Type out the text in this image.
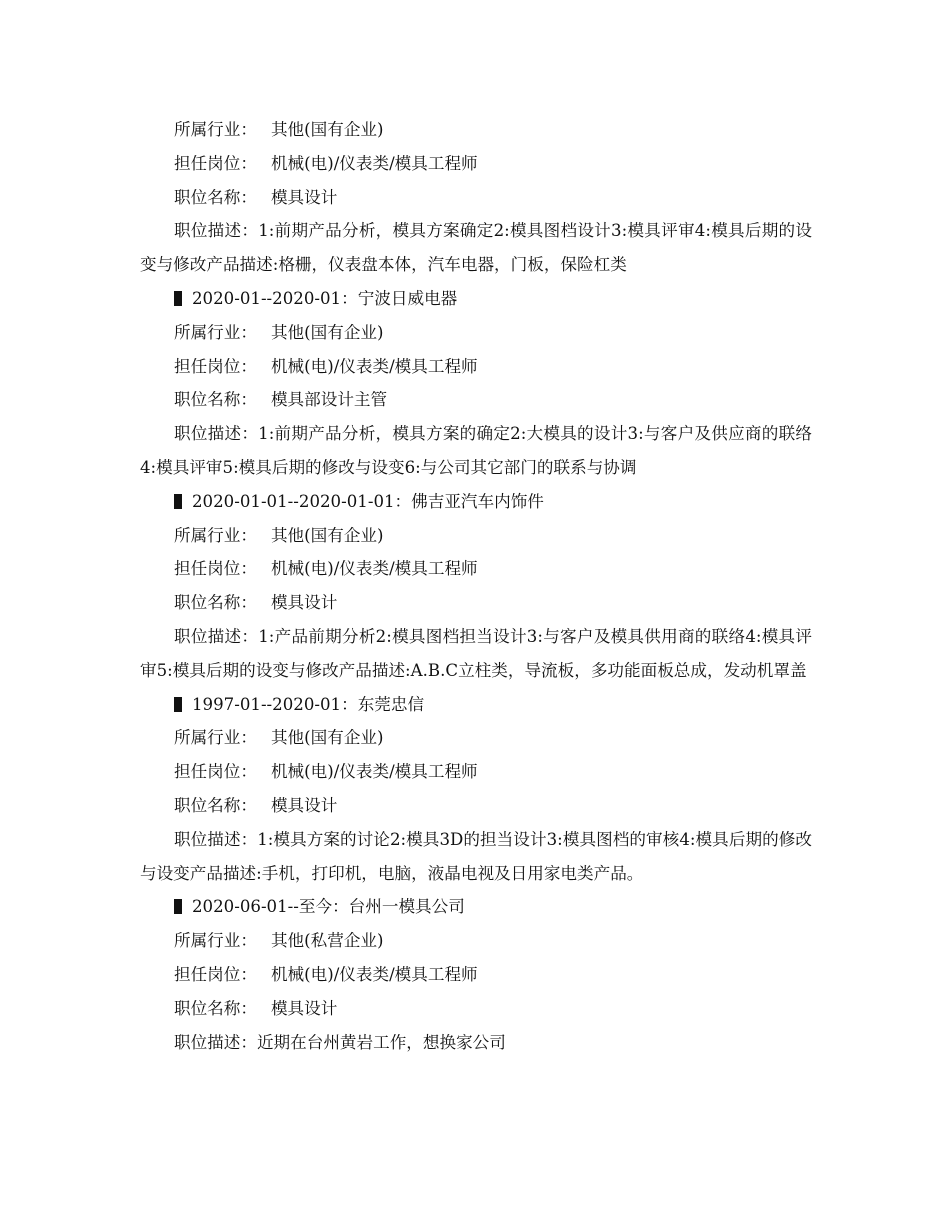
所属行业： 其他(国有企业)

担任岗位： 机械(电)/仪表类/模具工程师

职位名称： 模具设计

职位描述：1:前期产品分析，模具方案确定2:模具图档设计3:模具评审4:模具后期的设变与修改产品描述:格栅，仪表盘本体，汽车电器，门板，保险杠类

2020-01--2020-01：宁波日威电器

所属行业： 其他(国有企业)

担任岗位： 机械(电)/仪表类/模具工程师

职位名称： 模具部设计主管

职位描述：1:前期产品分析，模具方案的确定2:大模具的设计3:与客户及供应商的联络4:模具评审5:模具后期的修改与设变6:与公司其它部门的联系与协调

2020-01-01--2020-01-01：佛吉亚汽车内饰件

所属行业： 其他(国有企业)

担任岗位： 机械(电)/仪表类/模具工程师

职位名称： 模具设计

职位描述：1:产品前期分析2:模具图档担当设计3:与客户及模具供用商的联络4:模具评审5:模具后期的设变与修改产品描述:A.B.C立柱类，导流板，多功能面板总成，发动机罩盖

1997-01--2020-01：东莞忠信

所属行业： 其他(国有企业)

担任岗位： 机械(电)/仪表类/模具工程师

职位名称： 模具设计

职位描述：1:模具方案的讨论2:模具3D的担当设计3:模具图档的审核4:模具后期的修改与设变产品描述:手机，打印机，电脑，液晶电视及日用家电类产品。

2020-06-01--至今：台州一模具公司

所属行业： 其他(私营企业)

担任岗位： 机械(电)/仪表类/模具工程师

职位名称： 模具设计

职位描述：近期在台州黄岩工作，想换家公司
